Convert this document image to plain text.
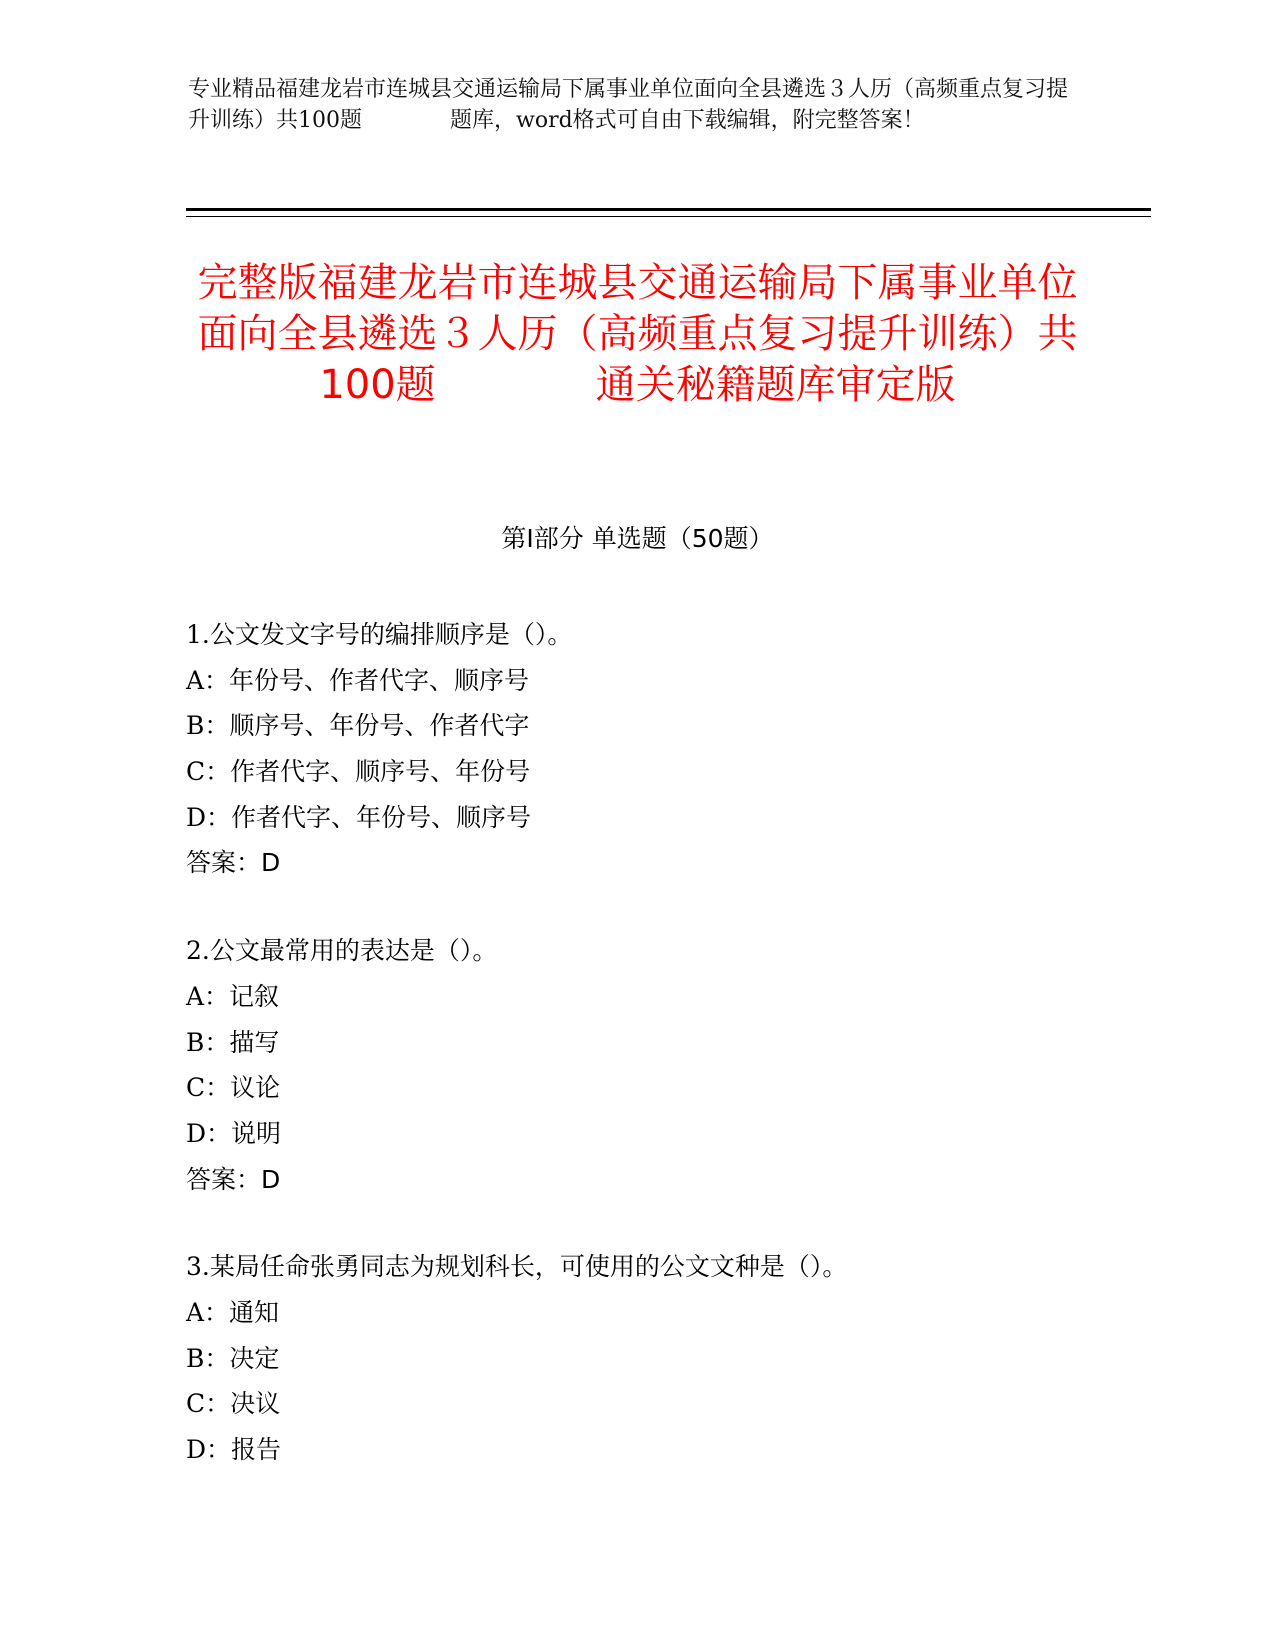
专业精品福建龙岩市连城县交通运输局下属事业单位面向全县遴选３人历（高频重点复习提升训练）共100题　　　　题库，word格式可自由下载编辑，附完整答案！
完整版福建龙岩市连城县交通运输局下属事业单位面向全县遴选３人历（高频重点复习提升训练）共100题　　　　通关秘籍题库审定版
第Ⅰ部分 单选题（50题）
1.公文发文字号的编排顺序是（）。
A：年份号、作者代字、顺序号
B：顺序号、年份号、作者代字
C：作者代字、顺序号、年份号
D：作者代字、年份号、顺序号
答案：D
2.公文最常用的表达是（）。
A：记叙
B：描写
C：议论
D：说明
答案：D
3.某局任命张勇同志为规划科长，可使用的公文文种是（）。
A：通知
B：决定
C：决议
D：报告
